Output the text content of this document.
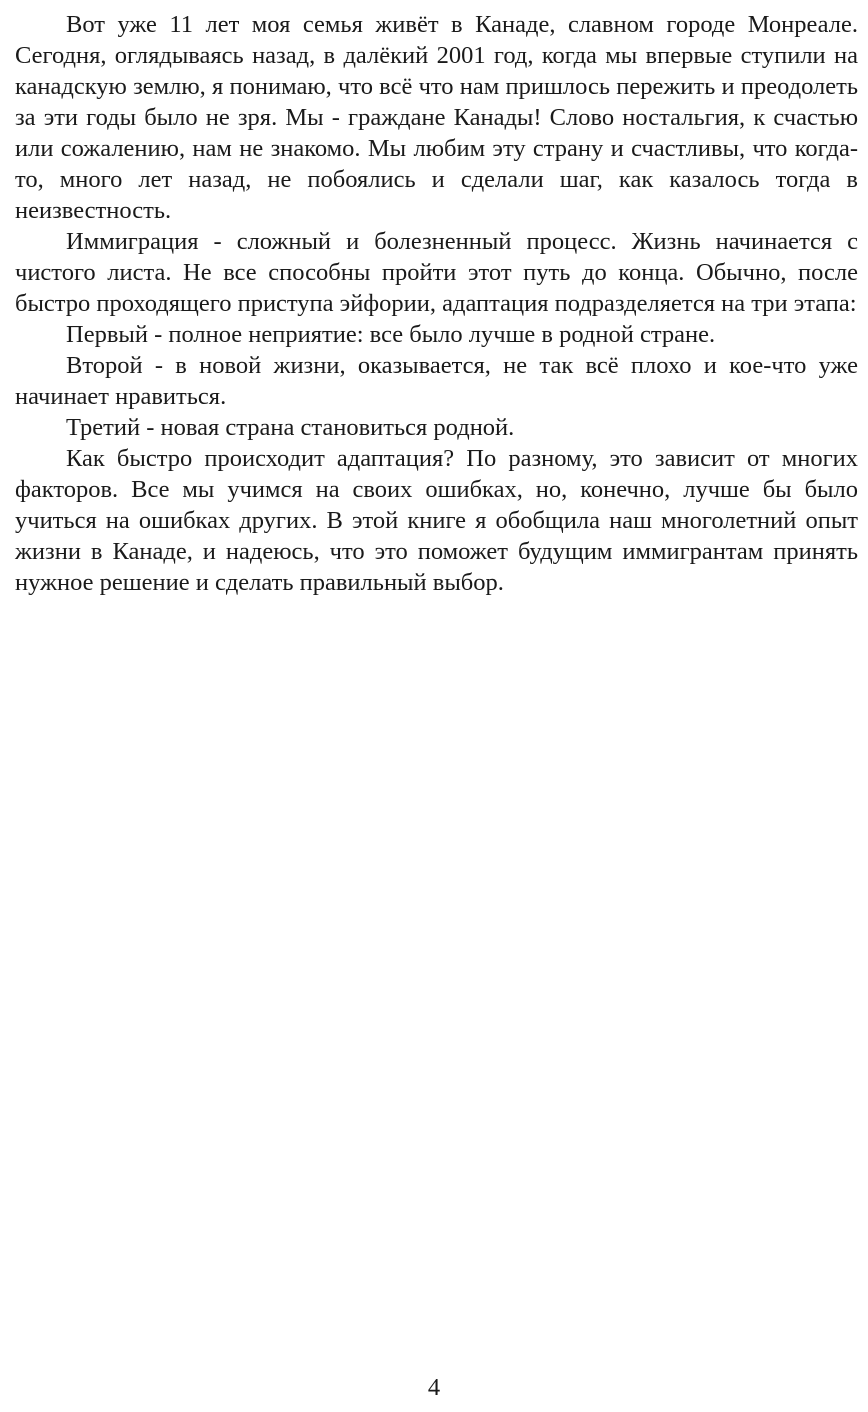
Вот уже 11 лет моя семья живёт в Канаде, славном городе Монреале. Сегодня, оглядываясь назад, в далёкий 2001 год, когда мы впервые ступили на канадскую землю, я понимаю, что всё что нам пришлось пережить и преодолеть за эти годы было не зря. Мы - граждане Канады! Слово ностальгия, к счастью или сожалению, нам не знакомо. Мы любим эту страну и счастливы, что когда-то, много лет назад, не побоялись и сделали шаг, как казалось тогда в неизвестность.

Иммиграция - сложный и болезненный процесс. Жизнь начинается с чистого листа. Не все способны пройти этот путь до конца. Обычно, после быстро проходящего приступа эйфории, адаптация подразделяется на три этапа:

Первый - полное неприятие: все было лучше в родной стране.

Второй - в новой жизни, оказывается, не так всё плохо и кое-что уже начинает нравиться.

Третий - новая страна становиться родной.

Как быстро происходит адаптация? По разному, это зависит от многих факторов. Все мы учимся на своих ошибках, но, конечно, лучше бы было учиться на ошибках других. В этой книге я обобщила наш многолетний опыт жизни в Канаде, и надеюсь, что это поможет будущим иммигрантам принять нужное решение и сделать правильный выбор.

4
